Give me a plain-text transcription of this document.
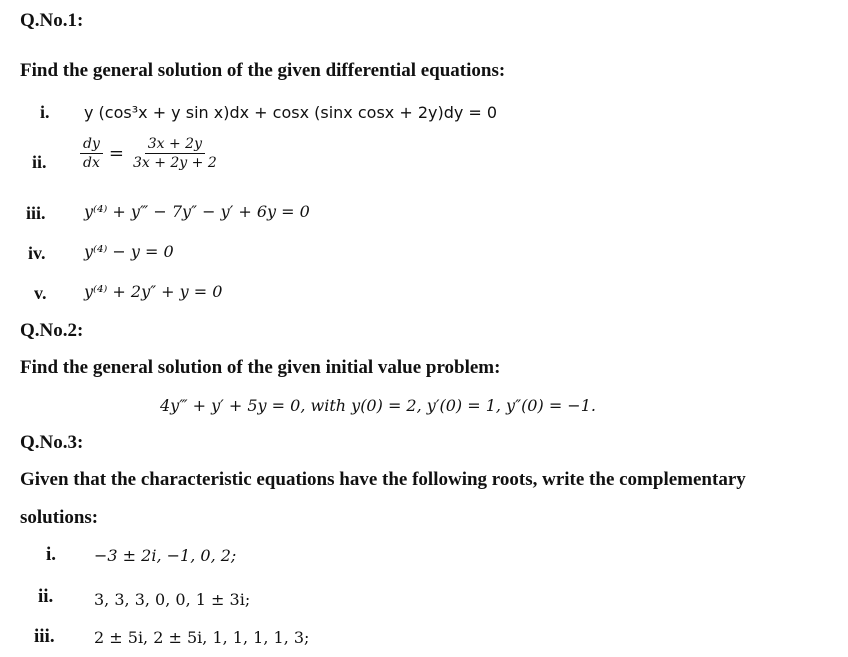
Q.No.1:
Find the general solution of the given differential equations:
i. y (cos³x + y sin x)dx + cosx (sinx cosx + 2y)dy = 0
ii. $\frac{dy}{dx} = \frac{3x + 2y}{3x + 2y + 2}$
iii. y⁽⁴⁾ + y‴ − 7y″ − y′ + 6y = 0
iv. y⁽⁴⁾ − y = 0
v. y⁽⁴⁾ + 2y″ + y = 0
Q.No.2:
Find the general solution of the given initial value problem:
4y‴ + y′ + 5y = 0, with y(0) = 2, y′(0) = 1, y″(0) = −1.
Q.No.3:
Given that the characteristic equations have the following roots, write the complementary
solutions:
i. −3 ± 2i, −1, 0, 2;
ii.	3, 3, 3, 0, 0, 1 ± 3i;
iii. 2 ± 5i, 2 ± 5i, 1, 1, 1, 1, 3;
